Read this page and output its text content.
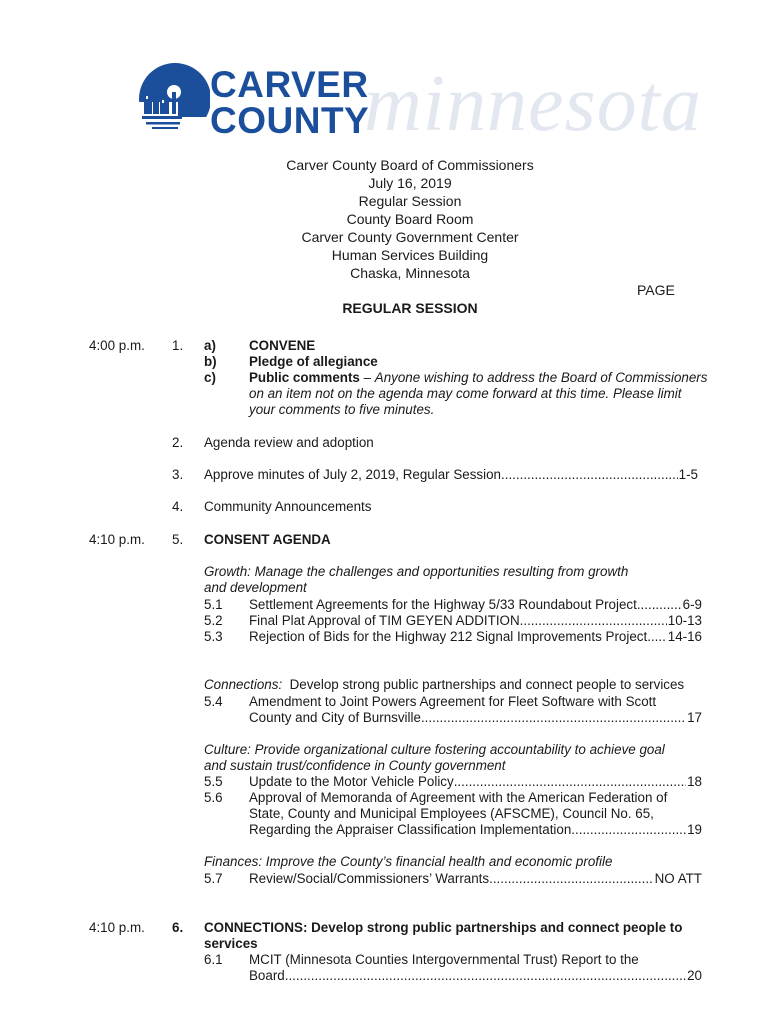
minnesota
CARVER
COUNTY
Carver County Board of Commissioners
July 16, 2019
Regular Session
County Board Room
Carver County Government Center
Human Services Building
Chaska, Minnesota
PAGE
REGULAR SESSION
4:00 p.m. 1. a) CONVENE
b) Pledge of allegiance
c) Public comments – Anyone wishing to address the Board of Commissioners
on an item not on the agenda may come forward at this time. Please limit
your comments to five minutes.
2. Agenda review and adoption
3. Approve minutes of July 2, 2019, Regular Session .....	1-5
4. Community Announcements
4:10 p.m. 5. CONSENT AGENDA
Growth: Manage the challenges and opportunities resulting from growth
and development
5.1 Settlement Agreements for the Highway 5/33 Roundabout Project .....	6-9
5.2 Final Plat Approval of TIM GEYEN ADDITION .....	10-13
5.3 Rejection of Bids for the Highway 212 Signal Improvements Project ..... 14-16
Connections:  Develop strong public partnerships and connect people to services
5.4 Amendment to Joint Powers Agreement for Fleet Software with Scott
County and City of Burnsville .....	17
Culture: Provide organizational culture fostering accountability to achieve goal
and sustain trust/confidence in County government
5.5 Update to the Motor Vehicle Policy .....	18
5.6 Approval of Memoranda of Agreement with the American Federation of
State, County and Municipal Employees (AFSCME), Council No. 65,
Regarding the Appraiser Classification Implementation .....	19
Finances: Improve the County’s financial health and economic profile
5.7 Review/Social/Commissioners’ Warrants .....	NO ATT
4:10 p.m. 6. CONNECTIONS: Develop strong public partnerships and connect people to
services
6.1 MCIT (Minnesota Counties Intergovernmental Trust) Report to the
Board .....	20
